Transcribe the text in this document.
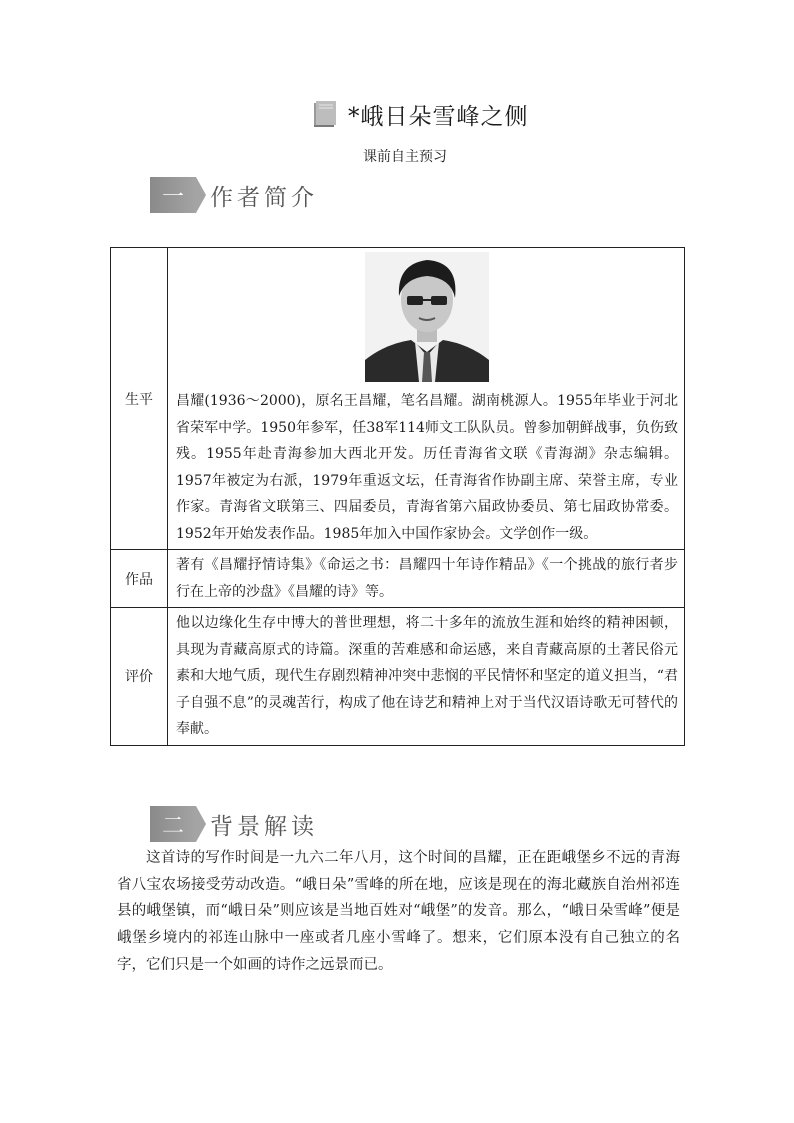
*峨日朵雪峰之侧
课前自主预习
一	作者简介
生平	昌耀(1936～2000)，原名王昌耀，笔名昌耀。湖南桃源人。1955年毕业于河北省荣军中学。1950年参军，任38军114师文工队队员。曾参加朝鲜战事，负伤致残。1955年赴青海参加大西北开发。历任青海省文联《青海湖》杂志编辑。1957年被定为右派，1979年重返文坛，任青海省作协副主席、荣誉主席，专业作家。青海省文联第三、四届委员，青海省第六届政协委员、第七届政协常委。1952年开始发表作品。1985年加入中国作家协会。文学创作一级。
作品	著有《昌耀抒情诗集》《命运之书：昌耀四十年诗作精品》《一个挑战的旅行者步行在上帝的沙盘》《昌耀的诗》等。
评价	他以边缘化生存中博大的普世理想，将二十多年的流放生涯和始终的精神困顿，具现为青藏高原式的诗篇。深重的苦难感和命运感，来自青藏高原的土著民俗元素和大地气质，现代生存剧烈精神冲突中悲悯的平民情怀和坚定的道义担当，“君子自强不息”的灵魂苦行，构成了他在诗艺和精神上对于当代汉语诗歌无可替代的奉献。
二	背景解读
这首诗的写作时间是一九六二年八月，这个时间的昌耀，正在距峨堡乡不远的青海省八宝农场接受劳动改造。“峨日朵”雪峰的所在地，应该是现在的海北藏族自治州祁连县的峨堡镇，而“峨日朵”则应该是当地百姓对“峨堡”的发音。那么，“峨日朵雪峰”便是峨堡乡境内的祁连山脉中一座或者几座小雪峰了。想来，它们原本没有自己独立的名字，它们只是一个如画的诗作之远景而已。
